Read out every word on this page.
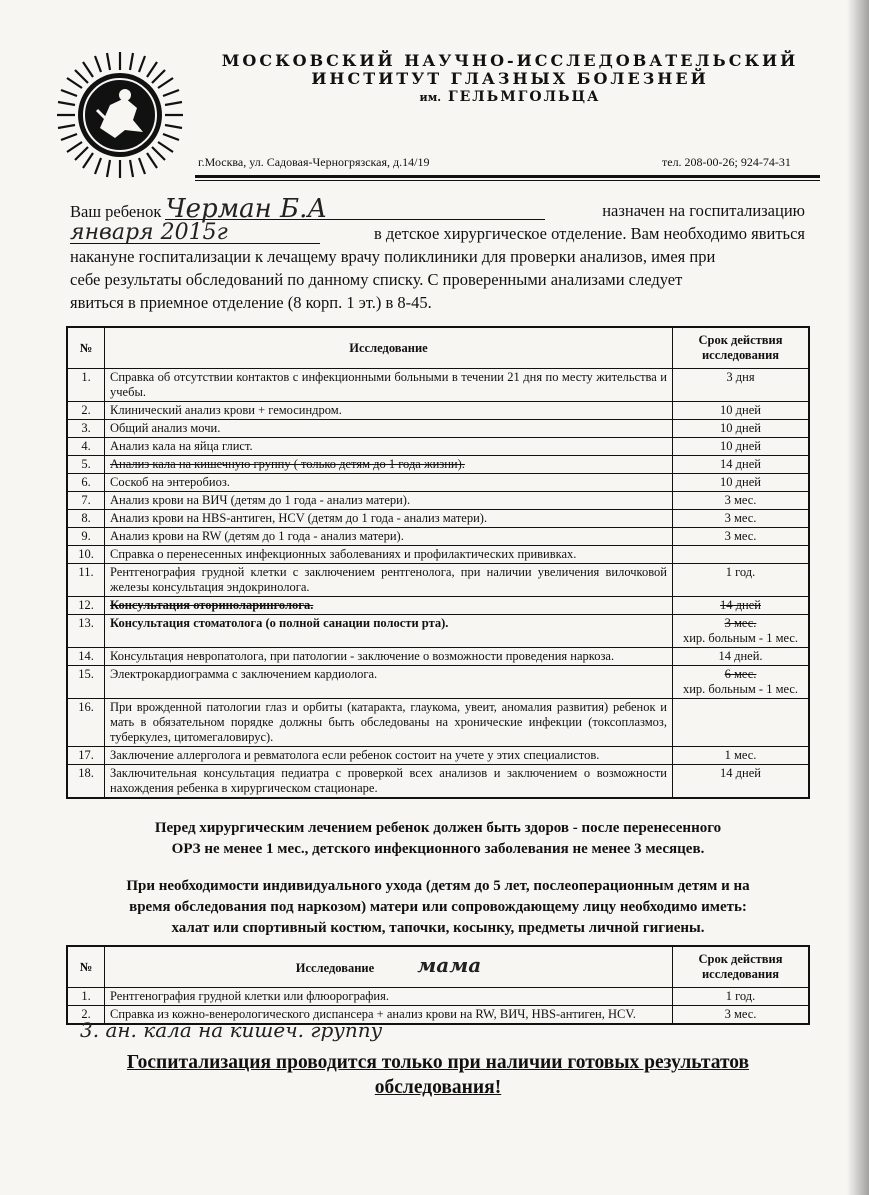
МОСКОВСКИЙ НАУЧНО-ИССЛЕДОВАТЕЛЬСКИЙ
ИНСТИТУТ ГЛАЗНЫХ БОЛЕЗНЕЙ
им. ГЕЛЬМГОЛЬЦА
г.Москва, ул. Садовая-Черногрязская, д.14/19	тел. 208-00-26; 924-74-31
Ваш ребенок Черман Б.А	назначен на госпитализацию
января 2015г	в детское хирургическое отделение. Вам необходимо явиться
накануне госпитализации к лечащему врачу поликлиники для проверки анализов, имея при
себе результаты обследований по данному списку. С проверенными анализами следует
явиться в приемное отделение (8 корп. 1 эт.) в 8-45.
№	Исследование	Срок действия исследования
1.	Справка об отсутствии контактов с инфекционными больными в течении 21 дня по месту жительства и учебы.	3 дня

2.	Клинический анализ крови + гемосиндром.	10 дней

3.	Общий анализ мочи.	10 дней

4.	Анализ кала на яйца глист.	10 дней

5.	Анализ кала на кишечную группу ( только детям до 1 года жизни).	14 дней

6.	Соскоб на энтеробиоз.	10 дней

7.	Анализ крови на ВИЧ (детям до 1 года - анализ матери).	3 мес.

8.	Анализ крови на HBS-антиген, HCV (детям до 1 года - анализ матери).	3 мес.

9.	Анализ крови на RW (детям до 1 года - анализ матери).	3 мес.

10.	Справка о перенесенных инфекционных заболеваниях и профилактических прививках.	

11.	Рентгенография грудной клетки с заключением рентгенолога, при наличии увеличения вилочковой железы консультация эндокринолога.	1 год.

12.	Консультация оториноларинголога.	14 дней

13.	Консультация стоматолога (о полной санации полости рта).	3 мес.
хир. больным - 1 мес.

14.	Консультация невропатолога, при патологии - заключение о возможности проведения наркоза.	14 дней.

15.	Электрокардиограмма с заключением кардиолога.	6 мес.
хир. больным - 1 мес.

16.	При врожденной патологии глаз и орбиты (катаракта, глаукома, увеит, аномалия развития) ребенок и мать в обязательном порядке должны быть обследованы на хронические инфекции (токсоплазмоз, туберкулез, цитомегаловирус).	

17.	Заключение аллерголога и ревматолога если ребенок состоит на учете у этих специалистов.	1 мес.

18.	Заключительная консультация педиатра с проверкой всех анализов и заключением о возможности нахождения ребенка в хирургическом стационаре.	14 дней
Перед хирургическим лечением ребенок должен быть здоров - после перенесенного
ОРЗ не менее 1 мес., детского инфекционного заболевания не менее 3 месяцев.
При необходимости индивидуального ухода (детям до 5 лет, послеоперационным детям и на
время обследования под наркозом) матери или сопровождающему лицу необходимо иметь:
халат или спортивный костюм, тапочки, косынку, предметы личной гигиены.
№	Исследование мама	Срок действия исследования
1.	Рентгенография грудной клетки или флюорография.	1 год.

2.	Справка из кожно-венерологического диспансера + анализ крови на RW, ВИЧ, HBS-антиген, HCV.	3 мес.
3. ан. кала на кишеч. группу
Госпитализация проводится только при наличии готовых результатов
обследования!
